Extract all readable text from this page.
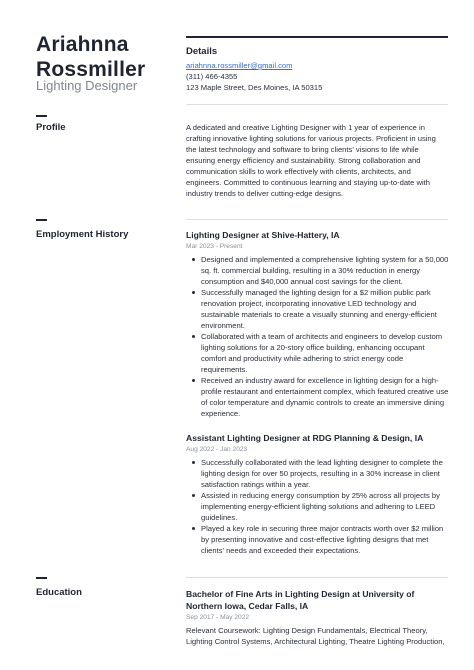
Ariahnna Rossmiller
Lighting Designer
Details
ariahnna.rossmiller@gmail.com
(311) 466-4355
123 Maple Street, Des Moines, IA 50315
Profile	A dedicated and creative Lighting Designer with 1 year of experience in crafting innovative lighting solutions for various projects. Proficient in using the latest technology and software to bring clients' visions to life while ensuring energy efficiency and sustainability. Strong collaboration and communication skills to work effectively with clients, architects, and engineers. Committed to continuous learning and staying up-to-date with industry trends to deliver cutting-edge designs.
Employment History	Lighting Designer at Shive-Hattery, IA
Mar 2023 - Present
Designed and implemented a comprehensive lighting system for a 50,000 sq. ft. commercial building, resulting in a 30% reduction in energy consumption and $40,000 annual cost savings for the client.
Successfully managed the lighting design for a $2 million public park renovation project, incorporating innovative LED technology and sustainable materials to create a visually stunning and energy-efficient environment.
Collaborated with a team of architects and engineers to develop custom lighting solutions for a 20-story office building, enhancing occupant comfort and productivity while adhering to strict energy code requirements.
Received an industry award for excellence in lighting design for a high-profile restaurant and entertainment complex, which featured creative use of color temperature and dynamic controls to create an immersive dining experience.
Assistant Lighting Designer at RDG Planning & Design, IA
Aug 2022 - Jan 2023
Successfully collaborated with the lead lighting designer to complete the lighting design for over 50 projects, resulting in a 30% increase in client satisfaction ratings within a year.
Assisted in reducing energy consumption by 25% across all projects by implementing energy-efficient lighting solutions and adhering to LEED guidelines.
Played a key role in securing three major contracts worth over $2 million by presenting innovative and cost-effective lighting designs that met clients' needs and exceeded their expectations.
Education	Bachelor of Fine Arts in Lighting Design at University of Northern Iowa, Cedar Falls, IA
Sep 2017 - May 2022
Relevant Coursework: Lighting Design Fundamentals, Electrical Theory, Lighting Control Systems, Architectural Lighting, Theatre Lighting Production,
